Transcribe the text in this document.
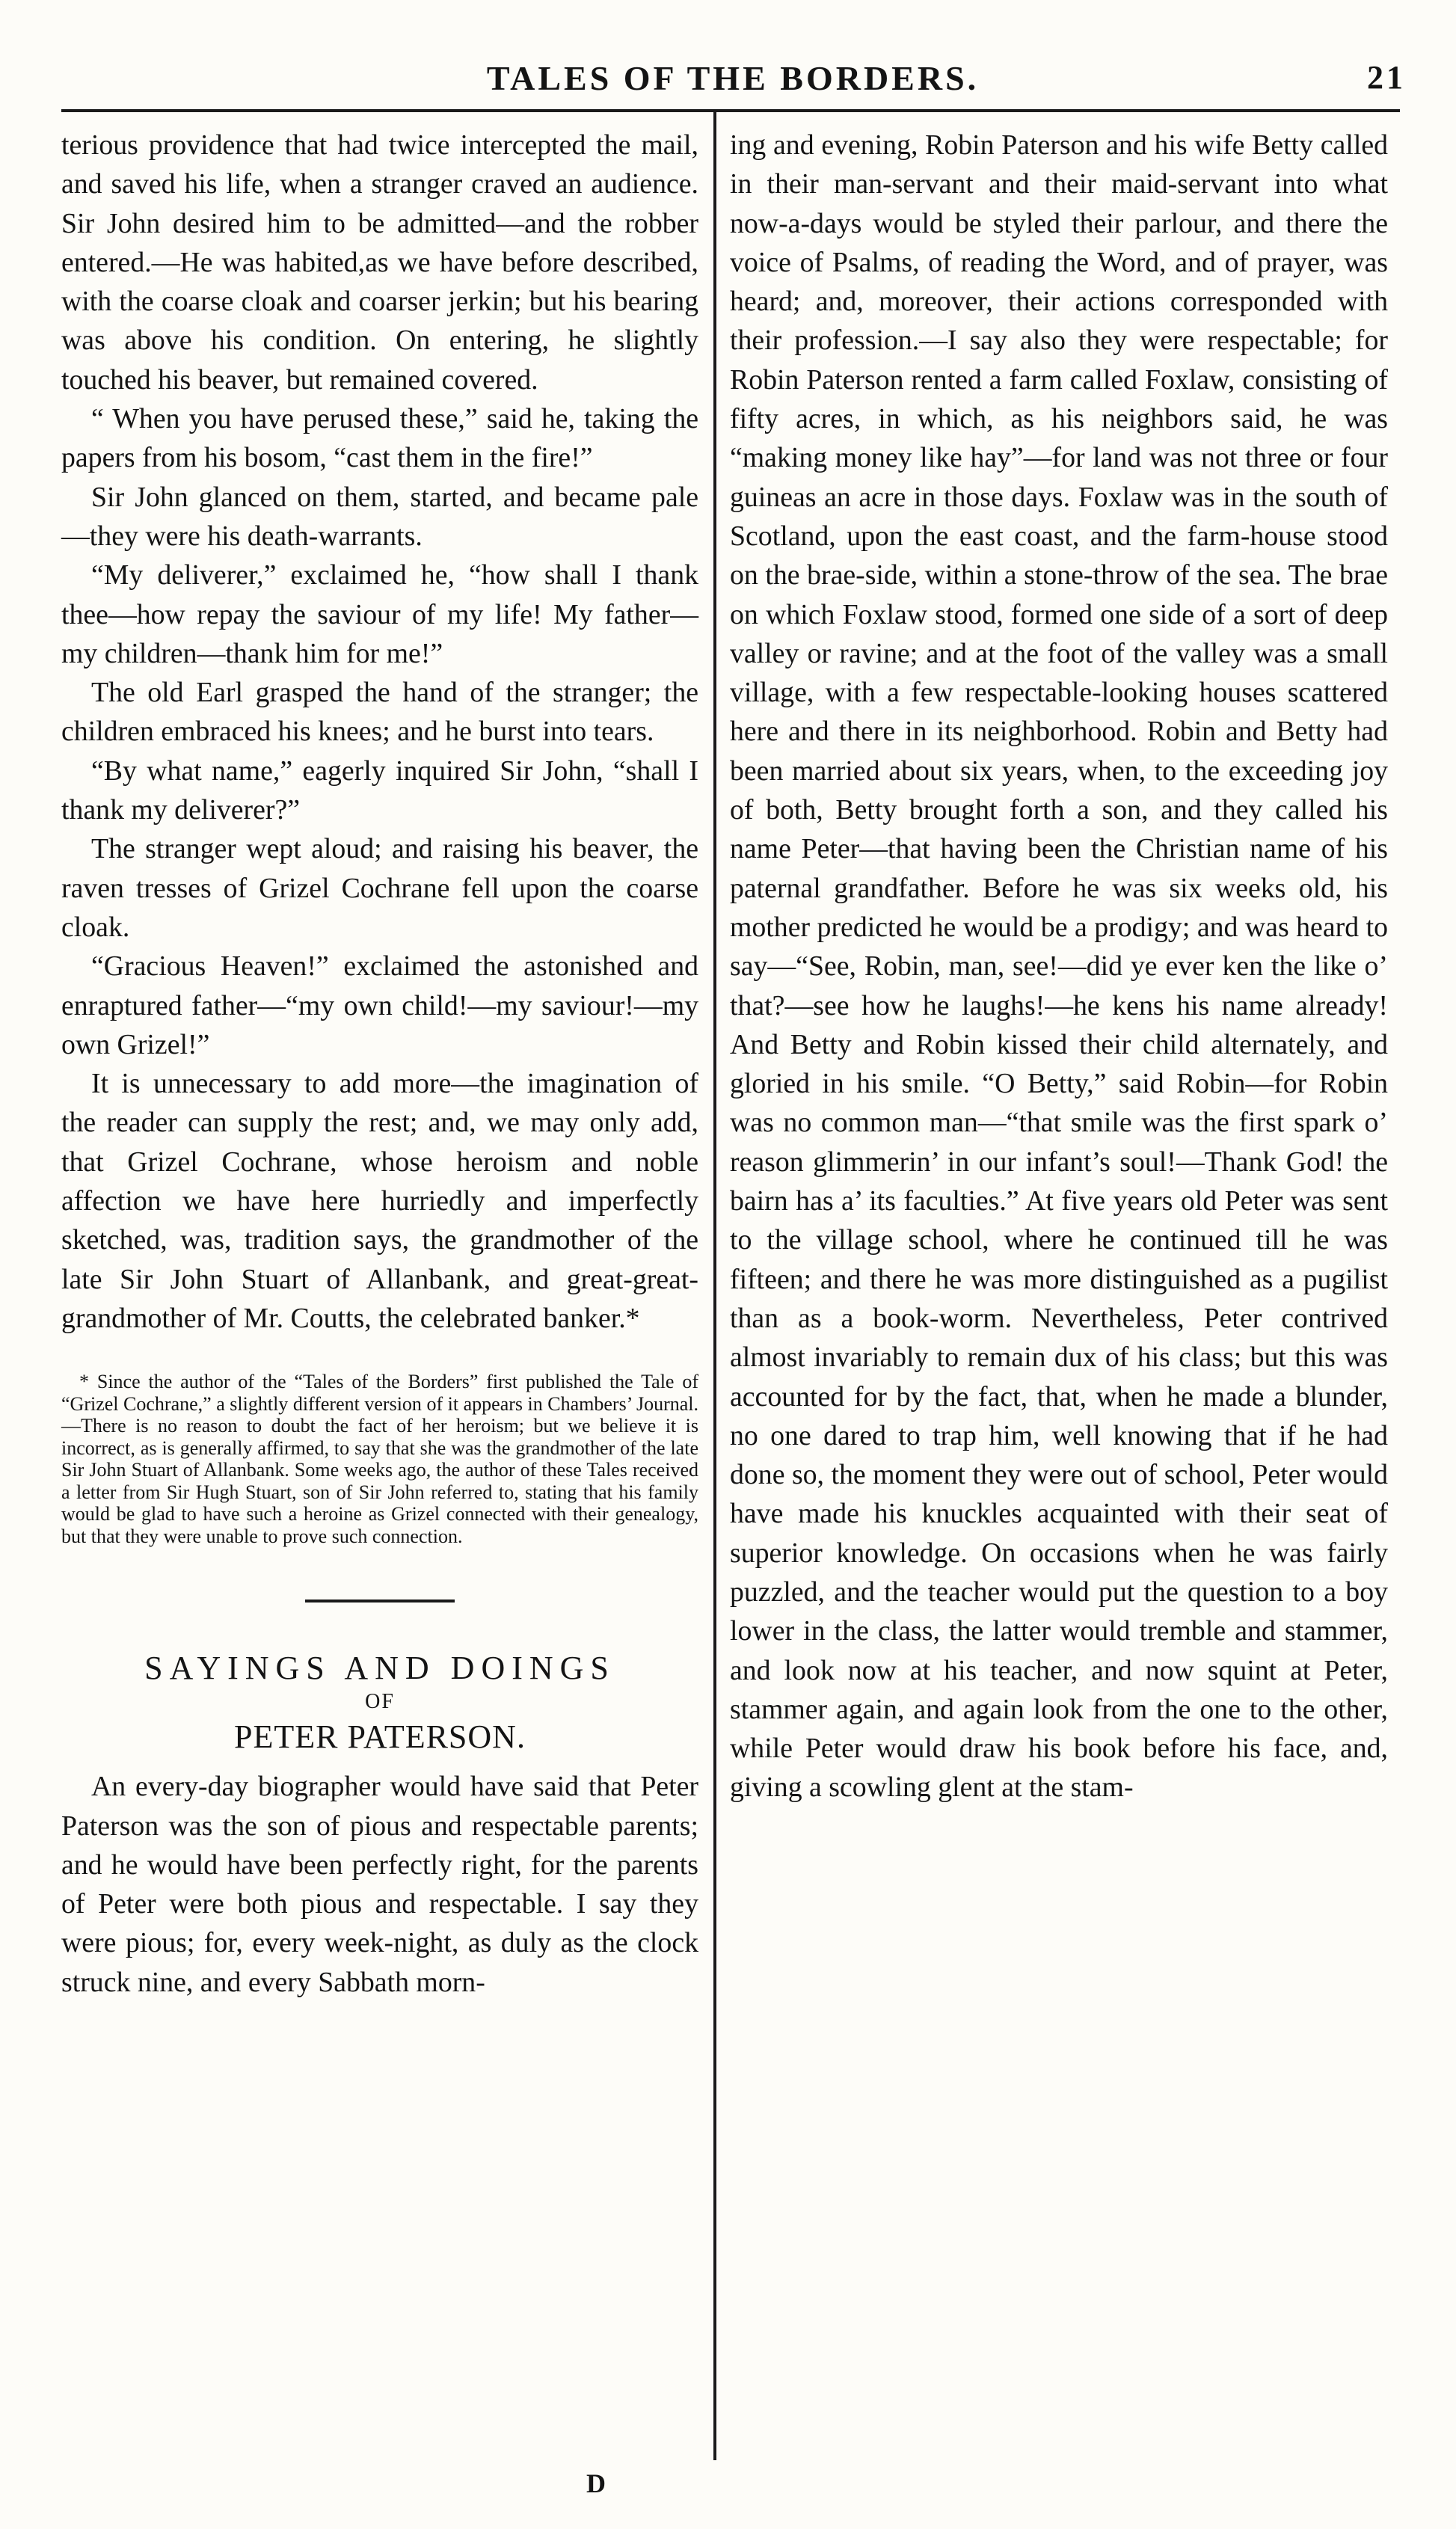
TALES OF THE BORDERS.	21

terious providence that had twice intercepted the mail, and saved his life, when a stranger craved an audience. Sir John desired him to be admitted—and the robber entered.—He was habited,as we have before described, with the coarse cloak and coarser jerkin; but his bearing was above his condition. On entering, he slightly touched his beaver, but remained covered.

“ When you have perused these,” said he, taking the papers from his bosom, “cast them in the fire!”

Sir John glanced on them, started, and became pale—they were his death-warrants.

“My deliverer,” exclaimed he, “how shall I thank thee—how repay the saviour of my life! My father—my children—thank him for me!”

The old Earl grasped the hand of the stranger; the children embraced his knees; and he burst into tears.

“By what name,” eagerly inquired Sir John, “shall I thank my deliverer?”

The stranger wept aloud; and raising his beaver, the raven tresses of Grizel Cochrane fell upon the coarse cloak.

“Gracious Heaven!” exclaimed the astonished and enraptured father—“my own child!—my saviour!—my own Grizel!”

It is unnecessary to add more—the imagination of the reader can supply the rest; and, we may only add, that Grizel Cochrane, whose heroism and noble affection we have here hurriedly and imperfectly sketched, was, tradition says, the grandmother of the late Sir John Stuart of Allanbank, and great-great-grandmother of Mr. Coutts, the celebrated banker.*

* Since the author of the “Tales of the Borders” first published the Tale of “Grizel Cochrane,” a slightly different version of it appears in Chambers’ Journal.—There is no reason to doubt the fact of her heroism; but we believe it is incorrect, as is generally affirmed, to say that she was the grandmother of the late Sir John Stuart of Allanbank. Some weeks ago, the author of these Tales received a letter from Sir Hugh Stuart, son of Sir John referred to, stating that his family would be glad to have such a heroine as Grizel connected with their genealogy, but that they were unable to prove such connection.

SAYINGS AND DOINGS
OF
PETER PATERSON.

An every-day biographer would have said that Peter Paterson was the son of pious and respectable parents; and he would have been perfectly right, for the parents of Peter were both pious and respectable. I say they were pious; for, every week-night, as duly as the clock struck nine, and every Sabbath morn-

ing and evening, Robin Paterson and his wife Betty called in their man-servant and their maid-servant into what now-a-days would be styled their parlour, and there the voice of Psalms, of reading the Word, and of prayer, was heard; and, moreover, their actions corresponded with their profession.—I say also they were respectable; for Robin Paterson rented a farm called Foxlaw, consisting of fifty acres, in which, as his neighbors said, he was “making money like hay”—for land was not three or four guineas an acre in those days. Foxlaw was in the south of Scotland, upon the east coast, and the farm-house stood on the brae-side, within a stone-throw of the sea. The brae on which Foxlaw stood, formed one side of a sort of deep valley or ravine; and at the foot of the valley was a small village, with a few respectable-looking houses scattered here and there in its neighborhood. Robin and Betty had been married about six years, when, to the exceeding joy of both, Betty brought forth a son, and they called his name Peter—that having been the Christian name of his paternal grandfather. Before he was six weeks old, his mother predicted he would be a prodigy; and was heard to say—“See, Robin, man, see!—did ye ever ken the like o’ that?—see how he laughs!—he kens his name already! And Betty and Robin kissed their child alternately, and gloried in his smile. “O Betty,” said Robin—for Robin was no common man—“that smile was the first spark o’ reason glimmerin’ in our infant’s soul!—Thank God! the bairn has a’ its faculties.” At five years old Peter was sent to the village school, where he continued till he was fifteen; and there he was more distinguished as a pugilist than as a book-worm. Nevertheless, Peter contrived almost invariably to remain dux of his class; but this was accounted for by the fact, that, when he made a blunder, no one dared to trap him, well knowing that if he had done so, the moment they were out of school, Peter would have made his knuckles acquainted with their seat of superior knowledge. On occasions when he was fairly puzzled, and the teacher would put the question to a boy lower in the class, the latter would tremble and stammer, and look now at his teacher, and now squint at Peter, stammer again, and again look from the one to the other, while Peter would draw his book before his face, and, giving a scowling glent at the stam-

D
